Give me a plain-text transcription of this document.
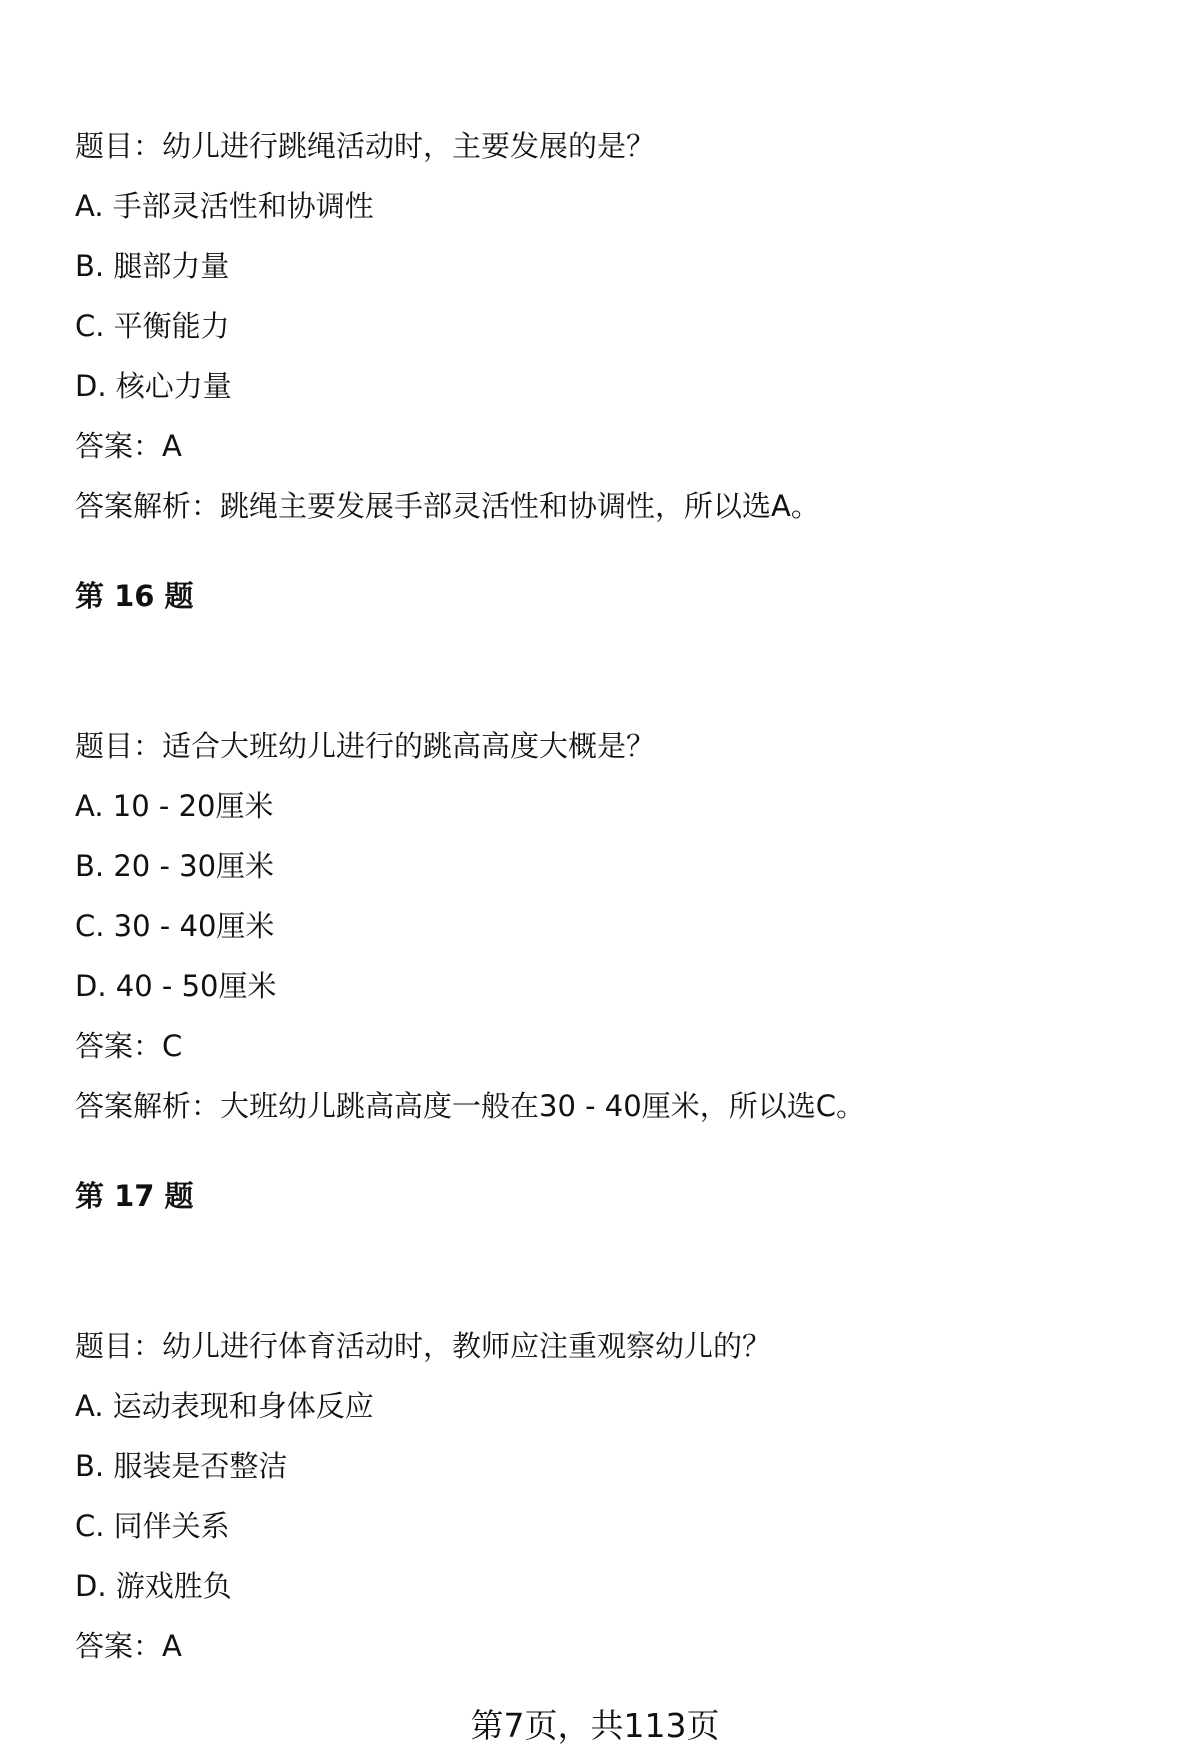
题目：幼儿进行跳绳活动时，主要发展的是？
A. 手部灵活性和协调性
B. 腿部力量
C. 平衡能力
D. 核心力量
答案：A
答案解析：跳绳主要发展手部灵活性和协调性，所以选A。
第 16 题
题目：适合大班幼儿进行的跳高高度大概是？
A. 10 - 20厘米
B. 20 - 30厘米
C. 30 - 40厘米
D. 40 - 50厘米
答案：C
答案解析：大班幼儿跳高高度一般在30 - 40厘米，所以选C。
第 17 题
题目：幼儿进行体育活动时，教师应注重观察幼儿的？
A. 运动表现和身体反应
B. 服装是否整洁
C. 同伴关系
D. 游戏胜负
答案：A
第7页，共113页
